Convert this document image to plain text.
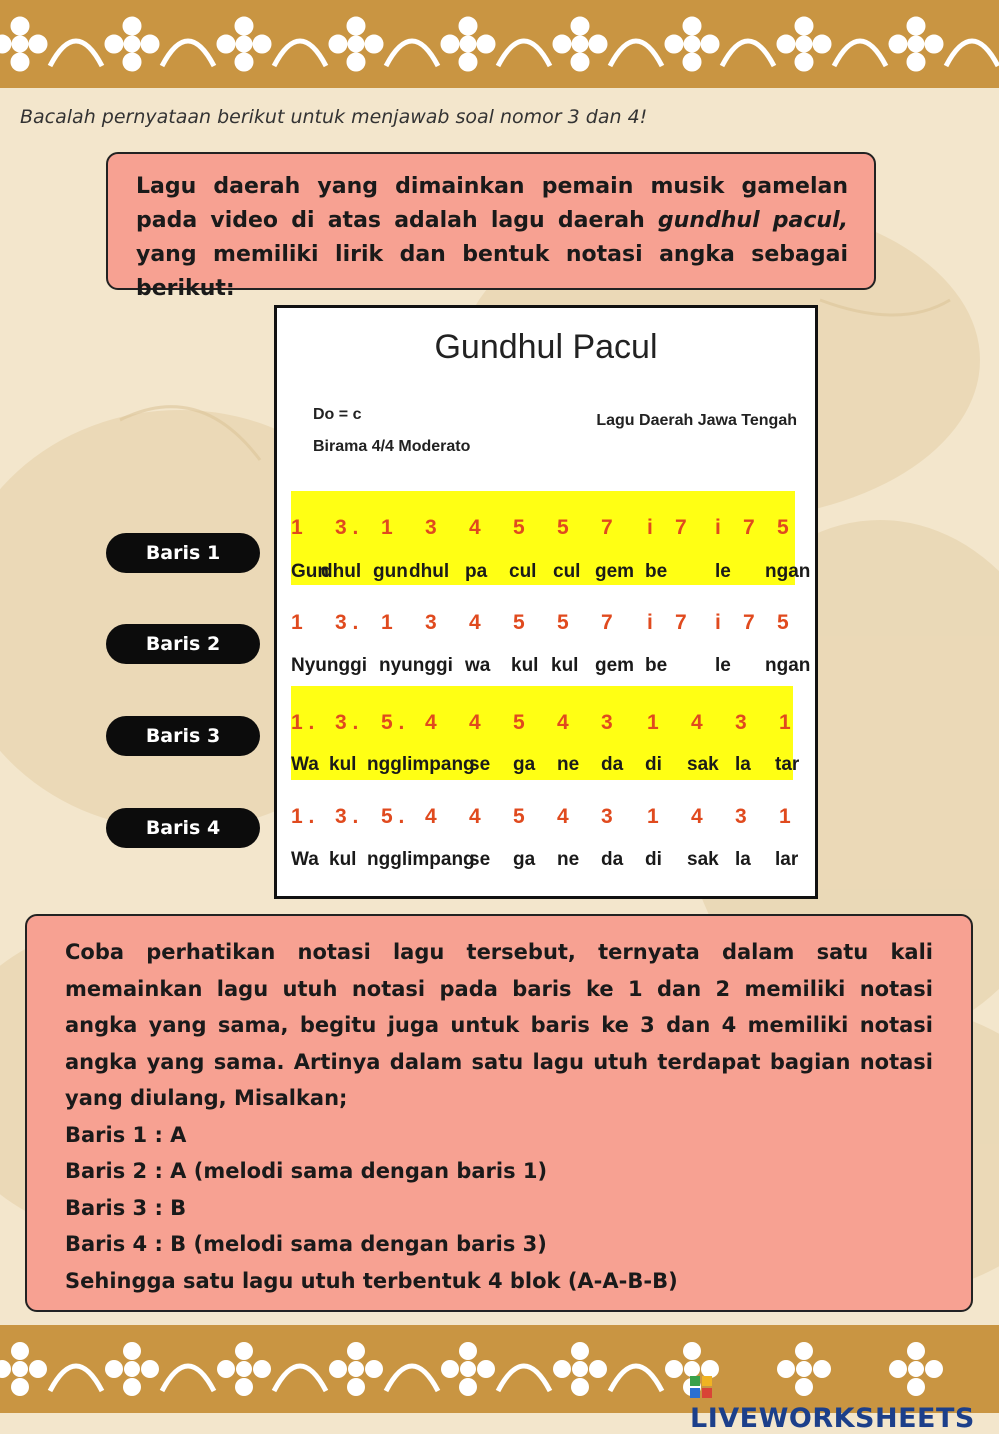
Bacalah pernyataan berikut untuk menjawab soal nomor 3 dan 4!
Lagu daerah yang dimainkan pemain musik gamelan pada video di atas adalah lagu daerah gundhul pacul, yang memiliki lirik dan bentuk notasi angka sebagai berikut:
Gundhul Pacul
Do = c
Birama 4/4 Moderato
Lagu Daerah Jawa Tengah
1 3 . 1 3 4 5 5 7 i 7 i 7 5
Gun
dhul gun dhul pa cul cul gem be	le ngan
1 3 . 1 3 4 5 5 7 i 7 i 7 5
Nyunggi nyunggi wa kul kul gem be	le ngan
1 . 3 . 5 . 4 4 5 4 3 1 4 3 1
Wa kul ngglimpang
se ga ne da di sak la tar
1 . 3 . 5 . 4 4 5 4 3 1 4 3 1
Wa kul ngglimpang
se ga ne da di sak la lar
Baris 1
Baris 2
Baris 3
Baris 4
Coba perhatikan notasi lagu tersebut, ternyata dalam satu kali memainkan lagu utuh notasi pada baris ke 1 dan 2 memiliki notasi angka yang sama, begitu juga untuk baris ke 3 dan 4 memiliki notasi angka yang sama. Artinya dalam satu lagu utuh terdapat bagian notasi yang diulang, Misalkan;
Baris 1 : A
Baris 2 : A (melodi sama dengan baris 1)
Baris 3 : B
Baris 4 : B (melodi sama dengan baris 3)
Sehingga satu lagu utuh terbentuk 4 blok (A-A-B-B)
LIVEWORKSHEETS
